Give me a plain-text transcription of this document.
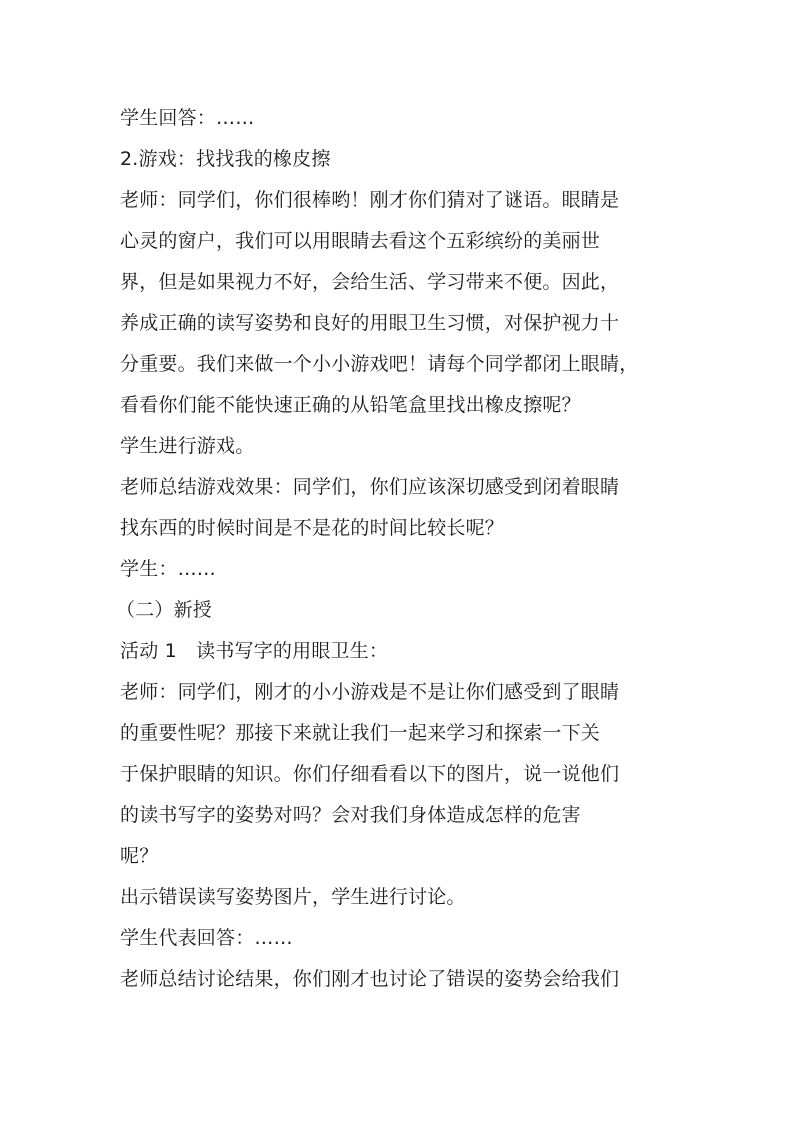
学生回答：……
2.游戏：找找我的橡皮擦
老师：同学们，你们很棒哟！刚才你们猜对了谜语。眼睛是
心灵的窗户，我们可以用眼睛去看这个五彩缤纷的美丽世
界，但是如果视力不好，会给生活、学习带来不便。因此，
养成正确的读写姿势和良好的用眼卫生习惯，对保护视力十
分重要。我们来做一个小小游戏吧！请每个同学都闭上眼睛，
看看你们能不能快速正确的从铅笔盒里找出橡皮擦呢？
学生进行游戏。
老师总结游戏效果：同学们，你们应该深切感受到闭着眼睛
找东西的时候时间是不是花的时间比较长呢？
学生：……
（二）新授
活动 1　读书写字的用眼卫生：
老师：同学们，刚才的小小游戏是不是让你们感受到了眼睛
的重要性呢？那接下来就让我们一起来学习和探索一下关
于保护眼睛的知识。你们仔细看看以下的图片，说一说他们
的读书写字的姿势对吗？会对我们身体造成怎样的危害
呢？
出示错误读写姿势图片，学生进行讨论。
学生代表回答：……
老师总结讨论结果，你们刚才也讨论了错误的姿势会给我们
